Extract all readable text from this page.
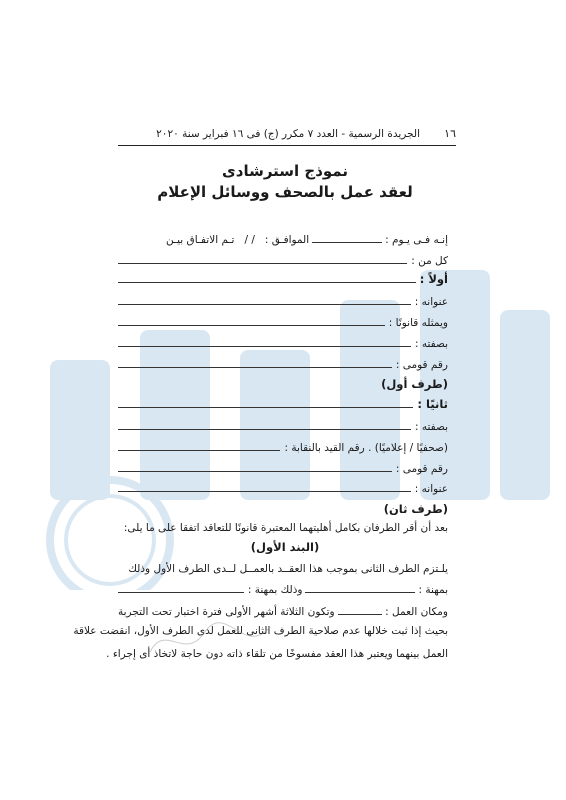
١٦
الجريدة الرسمية - العدد ٧ مكرر (ج) فى ١٦ فبراير سنة ٢٠٢٠
نموذج استرشادى
لعقد عمل بالصحف ووسائل الإعلام
إنـه فـى يـوم :
الموافـق :
/ /
تـم الاتفـاق بيـن
كل من :
أولاً :
عنوانه :
ويمثله قانونًا :
بصفته :
رقم قومى :
(طرف أول)
ثانيًا :
بصفته :
(صحفيًا / إعلاميًا) . رقم القيد بالنقابة :
رقم قومى :
عنوانه :
(طرف ثان)
بعد أن أقر الطرفان بكامل أهليتهما المعتبرة قانونًا للتعاقد اتفقا على ما يلى:
(البند الأول)
يلـتزم الطرف الثانى بموجب هذا العقــد بالعمــل لــدى الطرف الأول وذلك
بمهنة :
وذلك بمهنة :
ومكان العمل :
وتكون الثلاثة أشهر الأولى فترة اختبار تحت التجربة
بحيث إذا ثبت خلالها عدم صلاحية الطرف الثانى للعمل لدى الطرف الأول، انقضت علاقة
العمل بينهما ويعتبر هذا العقد مفسوخًا من تلقاء ذاته دون حاجة لاتخاذ أى إجراء .
